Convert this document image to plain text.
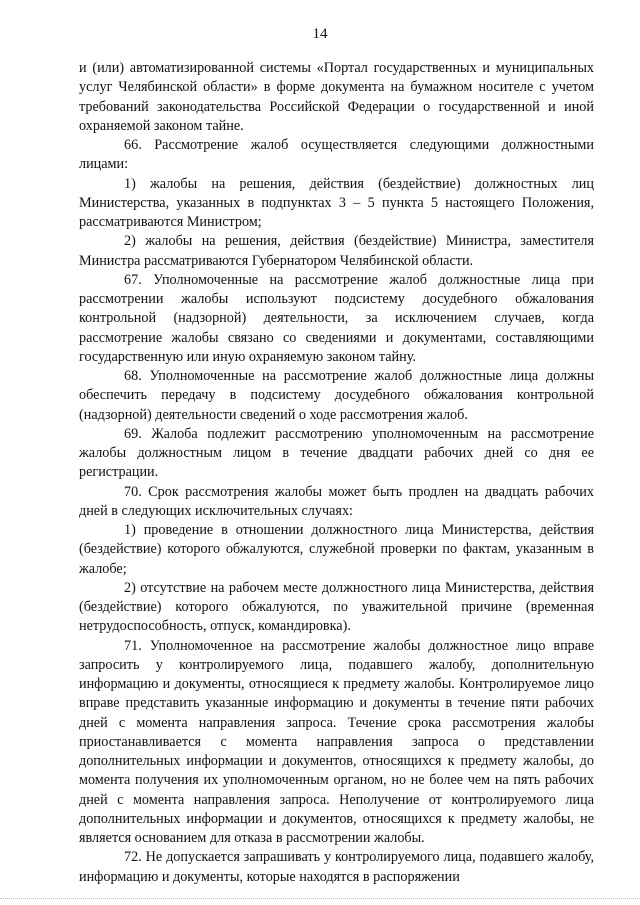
14

и (или) автоматизированной системы «Портал государственных и муниципальных услуг Челябинской области» в форме документа на бумажном носителе с учетом требований законодательства Российской Федерации о государственной и иной охраняемой законом тайне.

66. Рассмотрение жалоб осуществляется следующими должностными лицами:

1) жалобы на решения, действия (бездействие) должностных лиц Министерства, указанных в подпунктах 3 – 5 пункта 5 настоящего Положения, рассматриваются Министром;

2) жалобы на решения, действия (бездействие) Министра, заместителя Министра рассматриваются Губернатором Челябинской области.

67. Уполномоченные на рассмотрение жалоб должностные лица при рассмотрении жалобы используют подсистему досудебного обжалования контрольной (надзорной) деятельности, за исключением случаев, когда рассмотрение жалобы связано со сведениями и документами, составляющими государственную или иную охраняемую законом тайну.

68. Уполномоченные на рассмотрение жалоб должностные лица должны обеспечить передачу в подсистему досудебного обжалования контрольной (надзорной) деятельности сведений о ходе рассмотрения жалоб.

69. Жалоба подлежит рассмотрению уполномоченным на рассмотрение жалобы должностным лицом в течение двадцати рабочих дней со дня ее регистрации.

70. Срок рассмотрения жалобы может быть продлен на двадцать рабочих дней в следующих исключительных случаях:

1) проведение в отношении должностного лица Министерства, действия (бездействие) которого обжалуются, служебной проверки по фактам, указанным в жалобе;

2) отсутствие на рабочем месте должностного лица Министерства, действия (бездействие) которого обжалуются, по уважительной причине (временная нетрудоспособность, отпуск, командировка).

71. Уполномоченное на рассмотрение жалобы должностное лицо вправе запросить у контролируемого лица, подавшего жалобу, дополнительную информацию и документы, относящиеся к предмету жалобы. Контролируемое лицо вправе представить указанные информацию и документы в течение пяти рабочих дней с момента направления запроса. Течение срока рассмотрения жалобы приостанавливается с момента направления запроса о представлении дополнительных информации и документов, относящихся к предмету жалобы, до момента получения их уполномоченным органом, но не более чем на пять рабочих дней с момента направления запроса. Неполучение от контролируемого лица дополнительных информации и документов, относящихся к предмету жалобы, не является основанием для отказа в рассмотрении жалобы.

72. Не допускается запрашивать у контролируемого лица, подавшего жалобу, информацию и документы, которые находятся в распоряжении
